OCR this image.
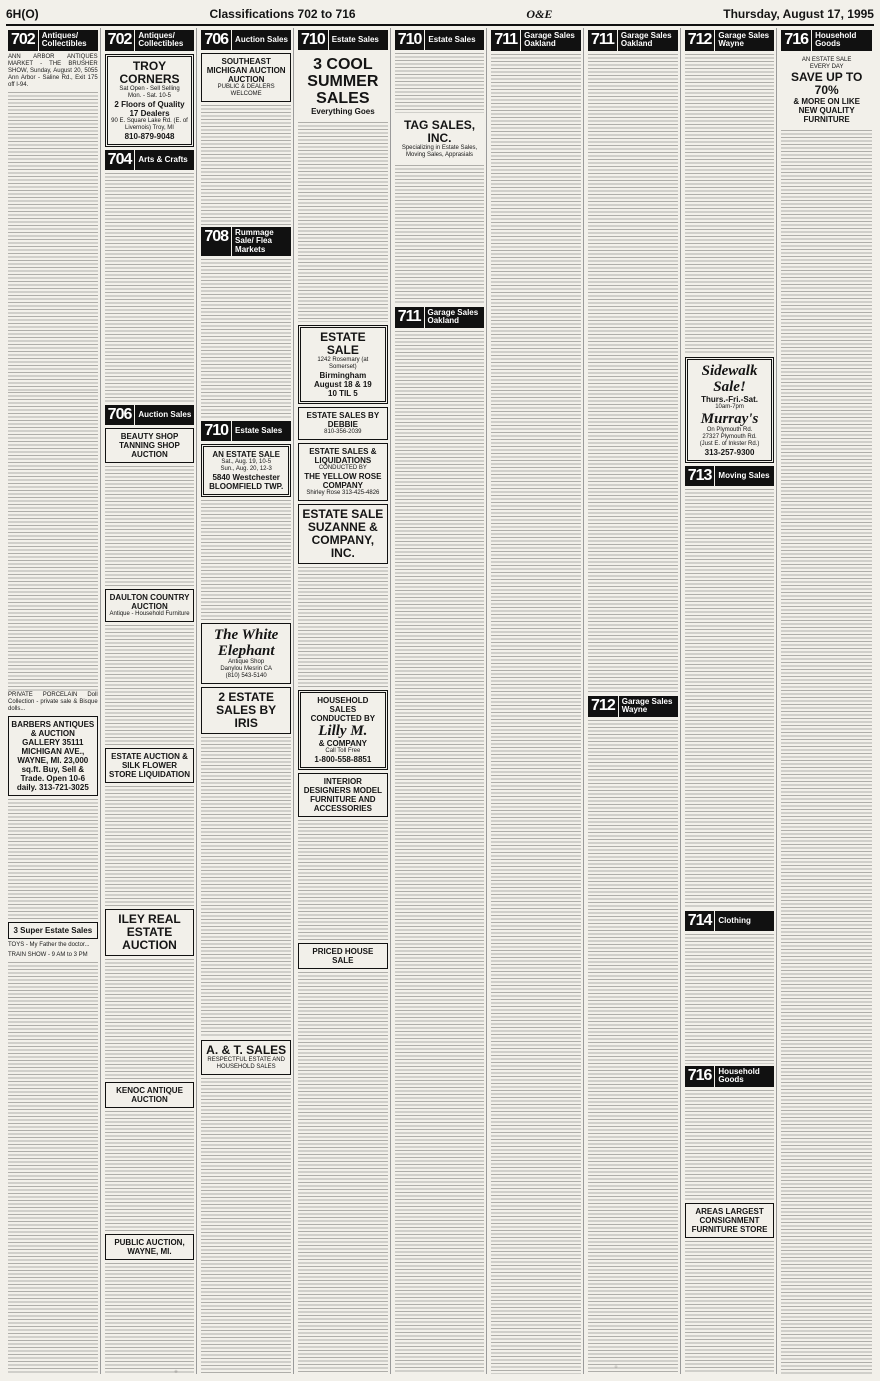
6H(O)	Classifications 702 to 716	O&E	Thursday, August 17, 1995
702 Antiques/ Collectibles

ANN ARBOR ANTIQUES MARKET - THE BRUSHER SHOW, Sunday, August 20, 5055 Ann Arbor - Saline Rd., Exit 175 off I-94.

PRIVATE PORCELAIN Doll Collection - private sale & Bisque dolls...

BARBERS ANTIQUES & AUCTION GALLERY 35111 MICHIGAN AVE., WAYNE, MI. 23,000 sq.ft. Buy, Sell & Trade. Open 10-6 daily. 313-721-3025
3 Super Estate Sales

TOYS - My Father the doctor...

TRAIN SHOW - 9 AM to 3 PM

702 Antiques/ Collectibles
TROY CORNERS
Sat Open - Sell Selling
Mon. - Sat. 10-5
2 Floors of Quality
17 Dealers
90 E. Square Lake Rd. (E. of Livernois) Troy, MI
810-879-9048
704 Arts & Crafts
706 Auction Sales
BEAUTY SHOP TANNING SHOP AUCTION
DAULTON COUNTRY AUCTION
Antique - Household Furniture
ESTATE AUCTION & SILK FLOWER STORE LIQUIDATION
ILEY REAL ESTATE AUCTION
KENOC ANTIQUE AUCTION
PUBLIC AUCTION, WAYNE, MI.
706 Auction Sales
SOUTHEAST MICHIGAN AUCTION AUCTION
PUBLIC & DEALERS WELCOME
708 Rummage Sale/ Flea Markets
710 Estate Sales
AN ESTATE SALE
Sat., Aug. 19, 10-5
Sun., Aug. 20, 12-3
5840 Westchester
BLOOMFIELD TWP.
The White Elephant
Antique Shop
Danylou Mesrin CA
(810) 543-5140
2 ESTATE SALES BY IRIS
A. & T. SALES
RESPECTFUL ESTATE AND HOUSEHOLD SALES
710 Estate Sales
3 COOL SUMMER SALES
Everything Goes
ESTATE SALE
1242 Rosemary (at Somerset)
Birmingham
August 18 & 19
10 TIL 5
ESTATE SALES BY DEBBIE
810-356-2039
ESTATE SALES & LIQUIDATIONS
CONDUCTED BY
THE YELLOW ROSE COMPANY
Shirley Rose 313-425-4826
ESTATE SALE SUZANNE & COMPANY, INC.
HOUSEHOLD SALES CONDUCTED BY
Lilly M.
& COMPANY
Call Toll Free
1-800-558-8851
INTERIOR DESIGNERS MODEL FURNITURE AND ACCESSORIES
PRICED HOUSE SALE
710 Estate Sales
TAG SALES, INC.
Specializing in Estate Sales, Moving Sales, Apprasials
711 Garage Sales Oakland
711 Garage Sales Oakland	711 Garage Sales Oakland
712 Garage Sales Wayne
712 Garage Sales Wayne
Sidewalk Sale!
Thurs.-Fri.-Sat.
10am-7pm
Murray's
On Plymouth Rd.
27327 Plymouth Rd.
(Just E. of Inkster Rd.)
313-257-9300
713 Moving Sales
714 Clothing
716 Household Goods
AREAS LARGEST CONSIGNMENT FURNITURE STORE
716 Household Goods
AN ESTATE SALE
EVERY DAY
SAVE UP TO 70%
& MORE ON LIKE NEW QUALITY FURNITURE
